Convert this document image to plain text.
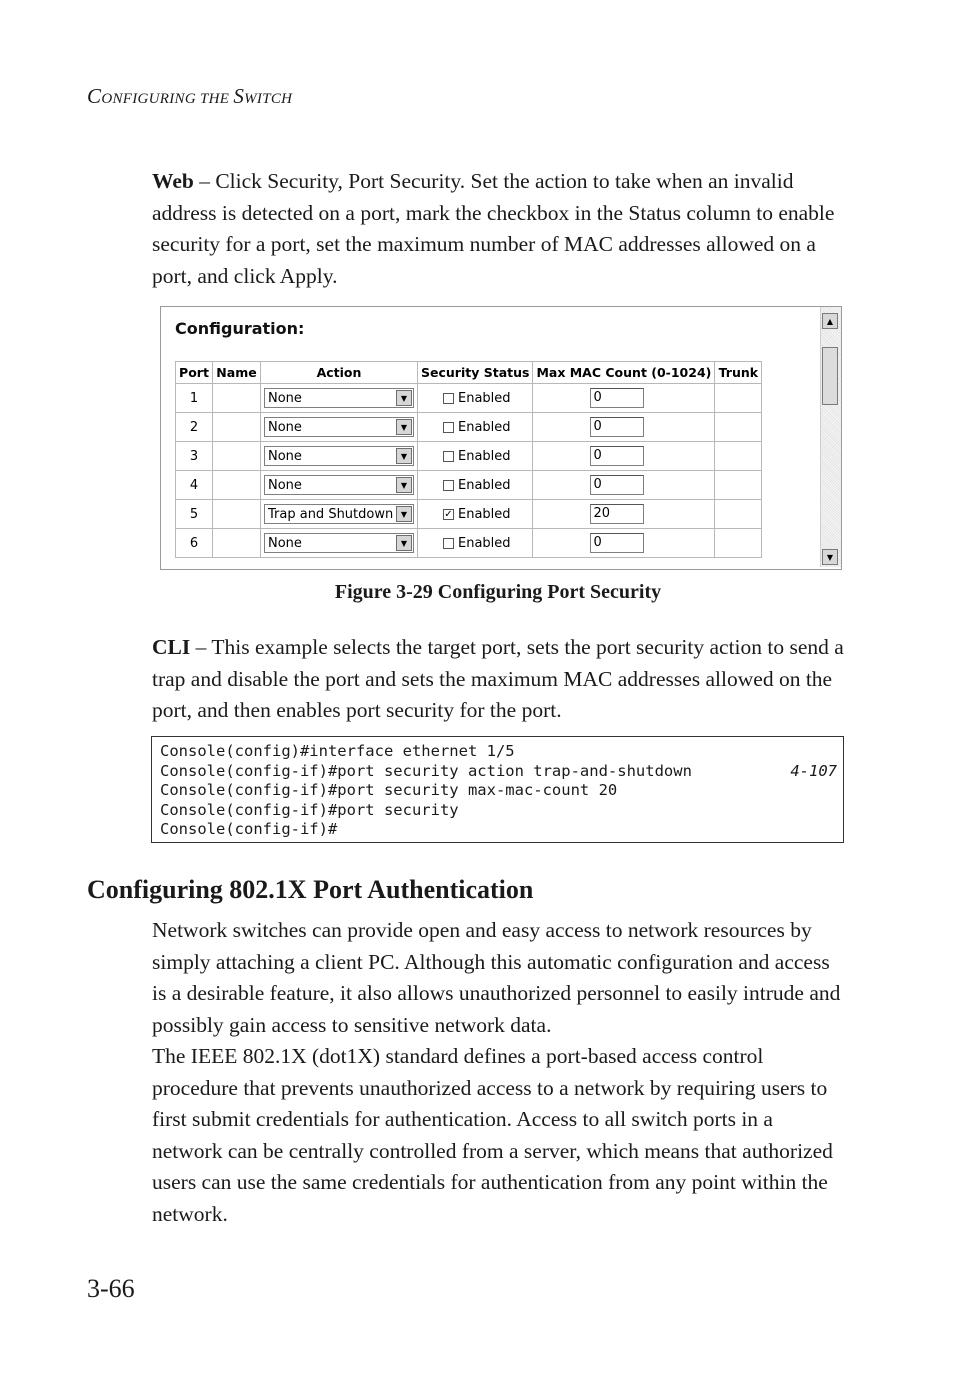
CONFIGURING THE SWITCH

Web – Click Security, Port Security. Set the action to take when an invalid address is detected on a port, mark the checkbox in the Status column to enable security for a port, set the maximum number of MAC addresses allowed on a port, and click Apply.

Configuration:
Port	Name	Action	Security Status	Max MAC Count (0-1024)	Trunk
1		None ▼	Enabled	0	
2		None ▼	Enabled	0	
3		None ▼	Enabled	0	
4		None ▼	Enabled	0	
5		Trap and Shutdown ▼	✓ Enabled	20	
6		None ▼	Enabled	0	
▲
▼
Figure 3-29 Configuring Port Security

CLI – This example selects the target port, sets the port security action to send a trap and disable the port and sets the maximum MAC addresses allowed on the port, and then enables port security for the port.

Console(config)#interface ethernet 1/5
Console(config-if)#port security action trap-and-shutdown	4-107
Console(config-if)#port security max-mac-count 20
Console(config-if)#port security
Console(config-if)#
Configuring 802.1X Port Authentication

Network switches can provide open and easy access to network resources by simply attaching a client PC. Although this automatic configuration and access is a desirable feature, it also allows unauthorized personnel to easily intrude and possibly gain access to sensitive network data.

The IEEE 802.1X (dot1X) standard defines a port-based access control procedure that prevents unauthorized access to a network by requiring users to first submit credentials for authentication. Access to all switch ports in a network can be centrally controlled from a server, which means that authorized users can use the same credentials for authentication from any point within the network.

3-66
